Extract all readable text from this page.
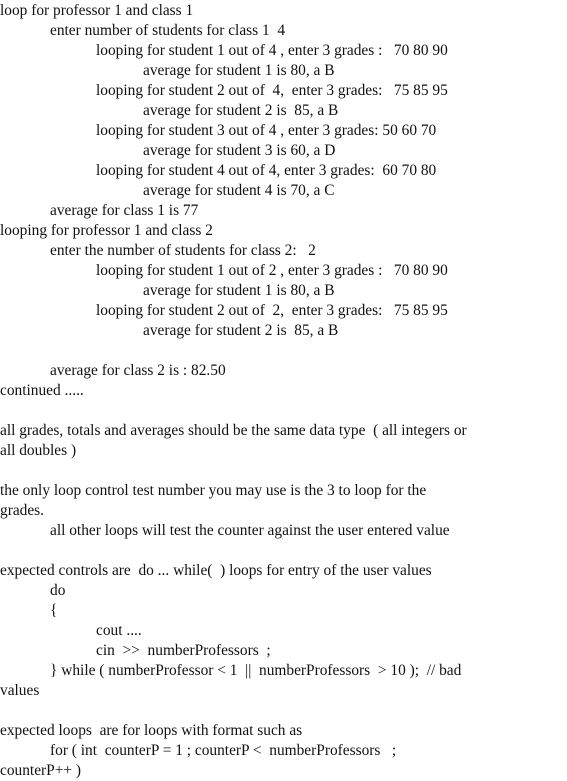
loop for professor 1 and class 1
enter number of students for class 1  4
looping for student 1 out of 4 , enter 3 grades :   70 80 90
average for student 1 is 80, a B
looping for student 2 out of  4,  enter 3 grades:   75 85 95
average for student 2 is  85, a B
looping for student 3 out of 4 , enter 3 grades: 50 60 70
average for student 3 is 60, a D
looping for student 4 out of 4, enter 3 grades:  60 70 80
average for student 4 is 70, a C
average for class 1 is 77
looping for professor 1 and class 2
enter the number of students for class 2:   2
looping for student 1 out of 2 , enter 3 grades :   70 80 90
average for student 1 is 80, a B
looping for student 2 out of  2,  enter 3 grades:   75 85 95
average for student 2 is  85, a B
average for class 2 is : 82.50
continued .....
all grades, totals and averages should be the same data type  ( all integers or
all doubles )
the only loop control test number you may use is the 3 to loop for the
grades.
all other loops will test the counter against the user entered value
expected controls are  do ... while(  ) loops for entry of the user values
do
{
cout ....
cin  >>  numberProfessors  ;
} while ( numberProfessor < 1  ||  numberProfessors  > 10 );  // bad
values
expected loops  are for loops with format such as
for ( int  counterP = 1 ; counterP <  numberProfessors   ;
counterP++ )
